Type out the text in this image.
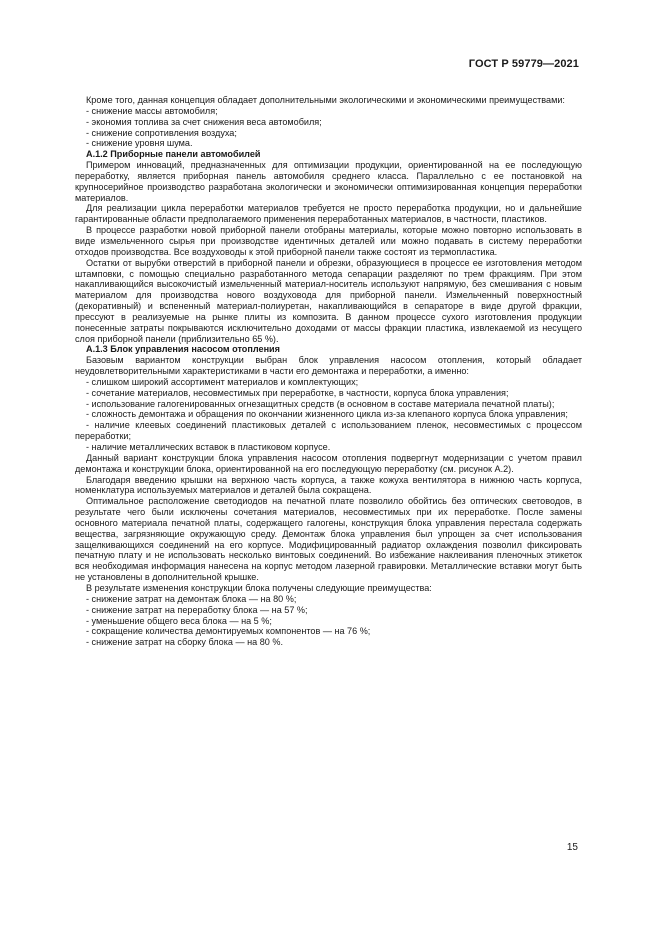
ГОСТ Р 59779—2021

Кроме того, данная концепция обладает дополнительными экологическими и экономическими преимуществами:

- снижение массы автомобиля;

- экономия топлива за счет снижения веса автомобиля;

- снижение сопротивления воздуха;

- снижение уровня шума.

А.1.2 Приборные панели автомобилей

Примером инноваций, предназначенных для оптимизации продукции, ориентированной на ее последующую переработку, является приборная панель автомобиля среднего класса. Параллельно с ее постановкой на крупносерийное производство разработана экологически и экономически оптимизированная концепция переработки материалов.

Для реализации цикла переработки материалов требуется не просто переработка продукции, но и дальнейшие гарантированные области предполагаемого применения переработанных материалов, в частности, пластиков.

В процессе разработки новой приборной панели отобраны материалы, которые можно повторно использовать в виде измельченного сырья при производстве идентичных деталей или можно подавать в систему переработки отходов производства. Все воздуховоды к этой приборной панели также состоят из термопластика.

Остатки от вырубки отверстий в приборной панели и обрезки, образующиеся в процессе ее изготовления методом штамповки, с помощью специально разработанного метода сепарации разделяют по трем фракциям. При этом накапливающийся высокочистый измельченный материал-носитель используют напрямую, без смешивания с новым материалом для производства нового воздуховода для приборной панели. Измельченный поверхностный (декоративный) и вспененный материал-полиуретан, накапливающийся в сепараторе в виде другой фракции, прессуют в реализуемые на рынке плиты из композита. В данном процессе сухого изготовления продукции понесенные затраты покрываются исключительно доходами от массы фракции пластика, извлекаемой из несущего слоя приборной панели (приблизительно 65 %).

А.1.3 Блок управления насосом отопления

Базовым вариантом конструкции выбран блок управления насосом отопления, который обладает неудовлетворительными характеристиками в части его демонтажа и переработки, а именно:

- слишком широкий ассортимент материалов и комплектующих;

- сочетание материалов, несовместимых при переработке, в частности, корпуса блока управления;

- использование галогенированных огнезащитных средств (в основном в составе материала печатной платы);

- сложность демонтажа и обращения по окончании жизненного цикла из-за клепаного корпуса блока управления;

- наличие клеевых соединений пластиковых деталей с использованием пленок, несовместимых с процессом переработки;

- наличие металлических вставок в пластиковом корпусе.

Данный вариант конструкции блока управления насосом отопления подвергнут модернизации с учетом правил демонтажа и конструкции блока, ориентированной на его последующую переработку (см. рисунок А.2).

Благодаря введению крышки на верхнюю часть корпуса, а также кожуха вентилятора в нижнюю часть корпуса, номенклатура используемых материалов и деталей была сокращена.

Оптимальное расположение светодиодов на печатной плате позволило обойтись без оптических световодов, в результате чего были исключены сочетания материалов, несовместимых при их переработке. После замены основного материала печатной платы, содержащего галогены, конструкция блока управления перестала содержать вещества, загрязняющие окружающую среду. Демонтаж блока управления был упрощен за счет использования защелкивающихся соединений на его корпусе. Модифицированный радиатор охлаждения позволил фиксировать печатную плату и не использовать несколько винтовых соединений. Во избежание наклеивания пленочных этикеток вся необходимая информация нанесена на корпус методом лазерной гравировки. Металлические вставки могут быть не установлены в дополнительной крышке.

В результате изменения конструкции блока получены следующие преимущества:

- снижение затрат на демонтаж блока — на 80 %;

- снижение затрат на переработку блока — на 57 %;

- уменьшение общего веса блока — на 5 %;

- сокращение количества демонтируемых компонентов — на 76 %;

- снижение затрат на сборку блока — на 80 %.

15
